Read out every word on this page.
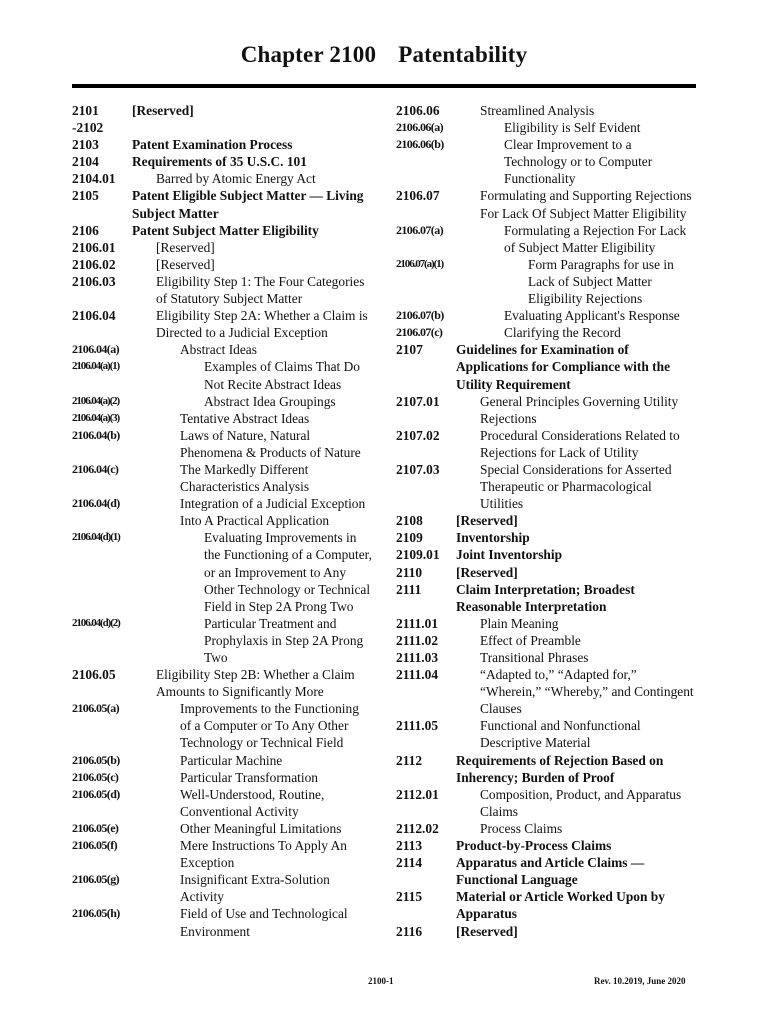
Chapter 2100 Patentability
2101	[Reserved]
-2102
2103	Patent Examination Process
2104	Requirements of 35 U.S.C. 101
2104.01	Barred by Atomic Energy Act
2105	Patent Eligible Subject Matter — Living Subject Matter
2106	Patent Subject Matter Eligibility
2106.01	[Reserved]
2106.02	[Reserved]
2106.03	Eligibility Step 1: The Four Categories of Statutory Subject Matter
2106.04	Eligibility Step 2A: Whether a Claim is Directed to a Judicial Exception
2106.04(a)	Abstract Ideas
2106.04(a)(1)	Examples of Claims That Do Not Recite Abstract Ideas
2106.04(a)(2)	Abstract Idea Groupings
2106.04(a)(3)	Tentative Abstract Ideas
2106.04(b)	Laws of Nature, Natural Phenomena & Products of Nature
2106.04(c)	The Markedly Different Characteristics Analysis
2106.04(d)	Integration of a Judicial Exception Into A Practical Application
2106.04(d)(1)	Evaluating Improvements in the Functioning of a Computer, or an Improvement to Any Other Technology or Technical Field in Step 2A Prong Two
2106.04(d)(2)	Particular Treatment and Prophylaxis in Step 2A Prong Two
2106.05	Eligibility Step 2B: Whether a Claim Amounts to Significantly More
2106.05(a)	Improvements to the Functioning of a Computer or To Any Other Technology or Technical Field
2106.05(b)	Particular Machine
2106.05(c)	Particular Transformation
2106.05(d)	Well-Understood, Routine, Conventional Activity
2106.05(e)	Other Meaningful Limitations
2106.05(f)	Mere Instructions To Apply An Exception
2106.05(g)	Insignificant Extra-Solution Activity
2106.05(h)	Field of Use and Technological Environment
2106.06	Streamlined Analysis
2106.06(a)	Eligibility is Self Evident
2106.06(b)	Clear Improvement to a Technology or to Computer Functionality
2106.07	Formulating and Supporting Rejections For Lack Of Subject Matter Eligibility
2106.07(a)	Formulating a Rejection For Lack of Subject Matter Eligibility
2106.07(a)(1)	Form Paragraphs for use in Lack of Subject Matter Eligibility Rejections
2106.07(b)	Evaluating Applicant's Response
2106.07(c)	Clarifying the Record
2107	Guidelines for Examination of Applications for Compliance with the Utility Requirement
2107.01	General Principles Governing Utility Rejections
2107.02	Procedural Considerations Related to Rejections for Lack of Utility
2107.03	Special Considerations for Asserted Therapeutic or Pharmacological Utilities
2108	[Reserved]
2109	Inventorship
2109.01	Joint Inventorship
2110	[Reserved]
2111	Claim Interpretation; Broadest Reasonable Interpretation
2111.01	Plain Meaning
2111.02	Effect of Preamble
2111.03	Transitional Phrases
2111.04	“Adapted to,” “Adapted for,” “Wherein,” “Whereby,” and Contingent Clauses
2111.05	Functional and Nonfunctional Descriptive Material
2112	Requirements of Rejection Based on Inherency; Burden of Proof
2112.01	Composition, Product, and Apparatus Claims
2112.02	Process Claims
2113	Product-by-Process Claims
2114	Apparatus and Article Claims — Functional Language
2115	Material or Article Worked Upon by Apparatus
2116	[Reserved]
2100-1	Rev. 10.2019, June 2020
